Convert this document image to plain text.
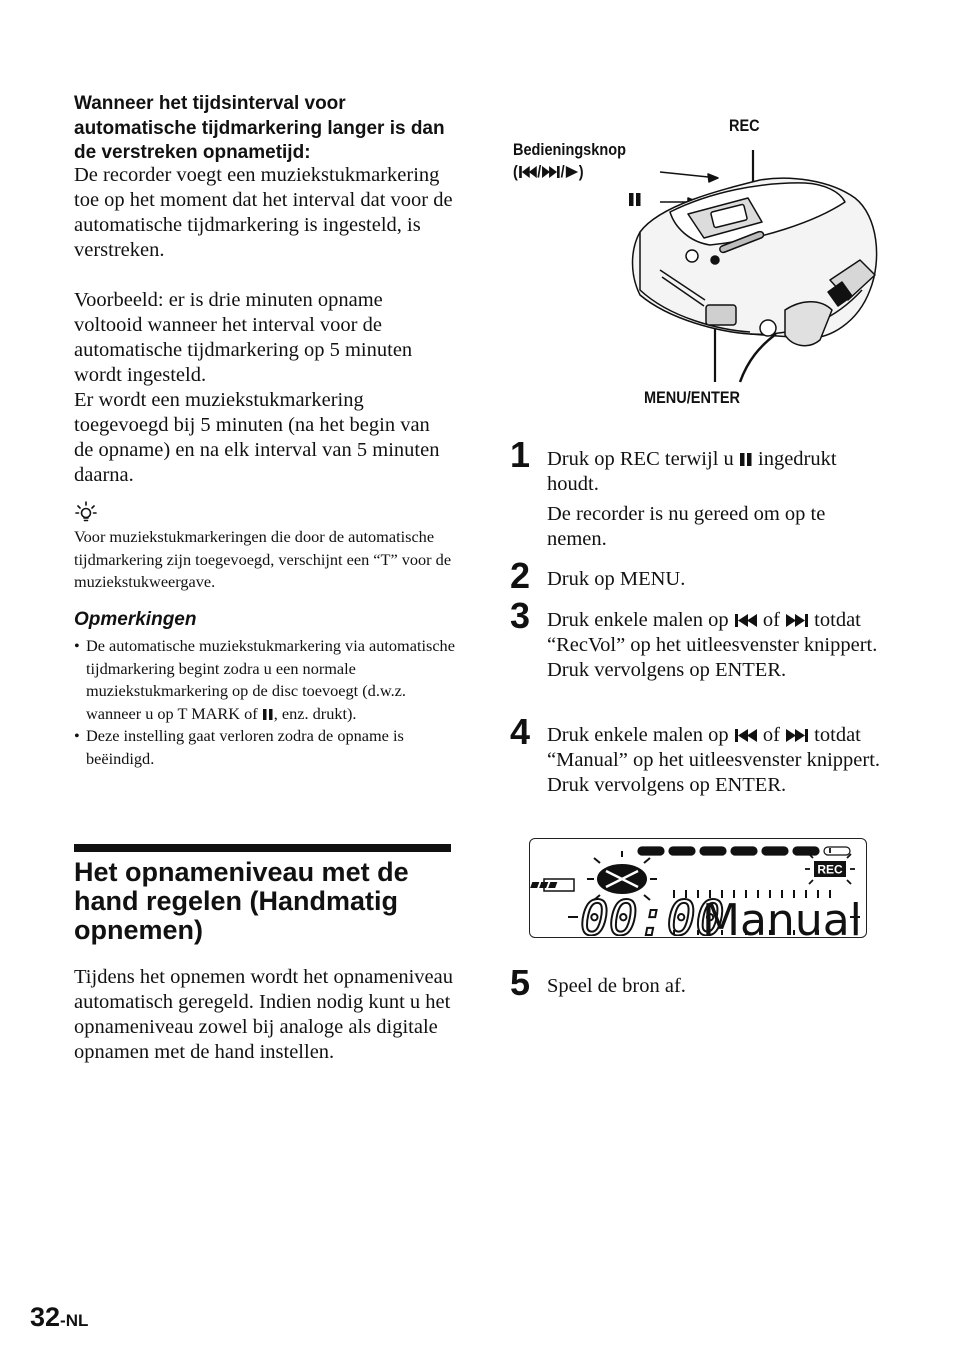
Wanneer het tijdsinterval voor automatische tijdmarkering langer is dan de verstreken opnametijd:
De recorder voegt een muziekstukmarkering toe op het moment dat het interval dat voor de automatische tijdmarkering is ingesteld, is verstreken.
Voorbeeld: er is drie minuten opname voltooid wanneer het interval voor de automatische tijdmarkering op 5 minuten wordt ingesteld.
Er wordt een muziekstukmarkering toegevoegd bij 5 minuten (na het begin van de opname) en na elk interval van 5 minuten daarna.
Voor muziekstukmarkeringen die door de automatische tijdmarkering zijn toegevoegd, verschijnt een “T” voor de muziekstukweergave.
Opmerkingen
• De automatische muziekstukmarkering via automatische tijdmarkering begint zodra u een normale muziekstukmarkering op de disc toevoegt (d.w.z. wanneer u op T MARK of , enz. drukt).
• Deze instelling gaat verloren zodra de opname is beëindigd.
Het opnameniveau met de hand regelen (Handmatig opnemen)
Tijdens het opnemen wordt het opnameniveau automatisch geregeld. Indien nodig kunt u het opnameniveau zowel bij analoge als digitale opnamen met de hand instellen.
Bedieningsknop
( / / )
REC
MENU/ENTER
1 Druk op REC terwijl u ingedrukt houdt.
De recorder is nu gereed om op te nemen.
2 Druk op MENU.
3 Druk enkele malen op of totdat “RecVol” op het uitleesvenster knippert. Druk vervolgens op ENTER.
4 Druk enkele malen op of totdat “Manual” op het uitleesvenster knippert. Druk vervolgens op ENTER.
REC
00:00
Manual
5 Speel de bron af.
32-NL
